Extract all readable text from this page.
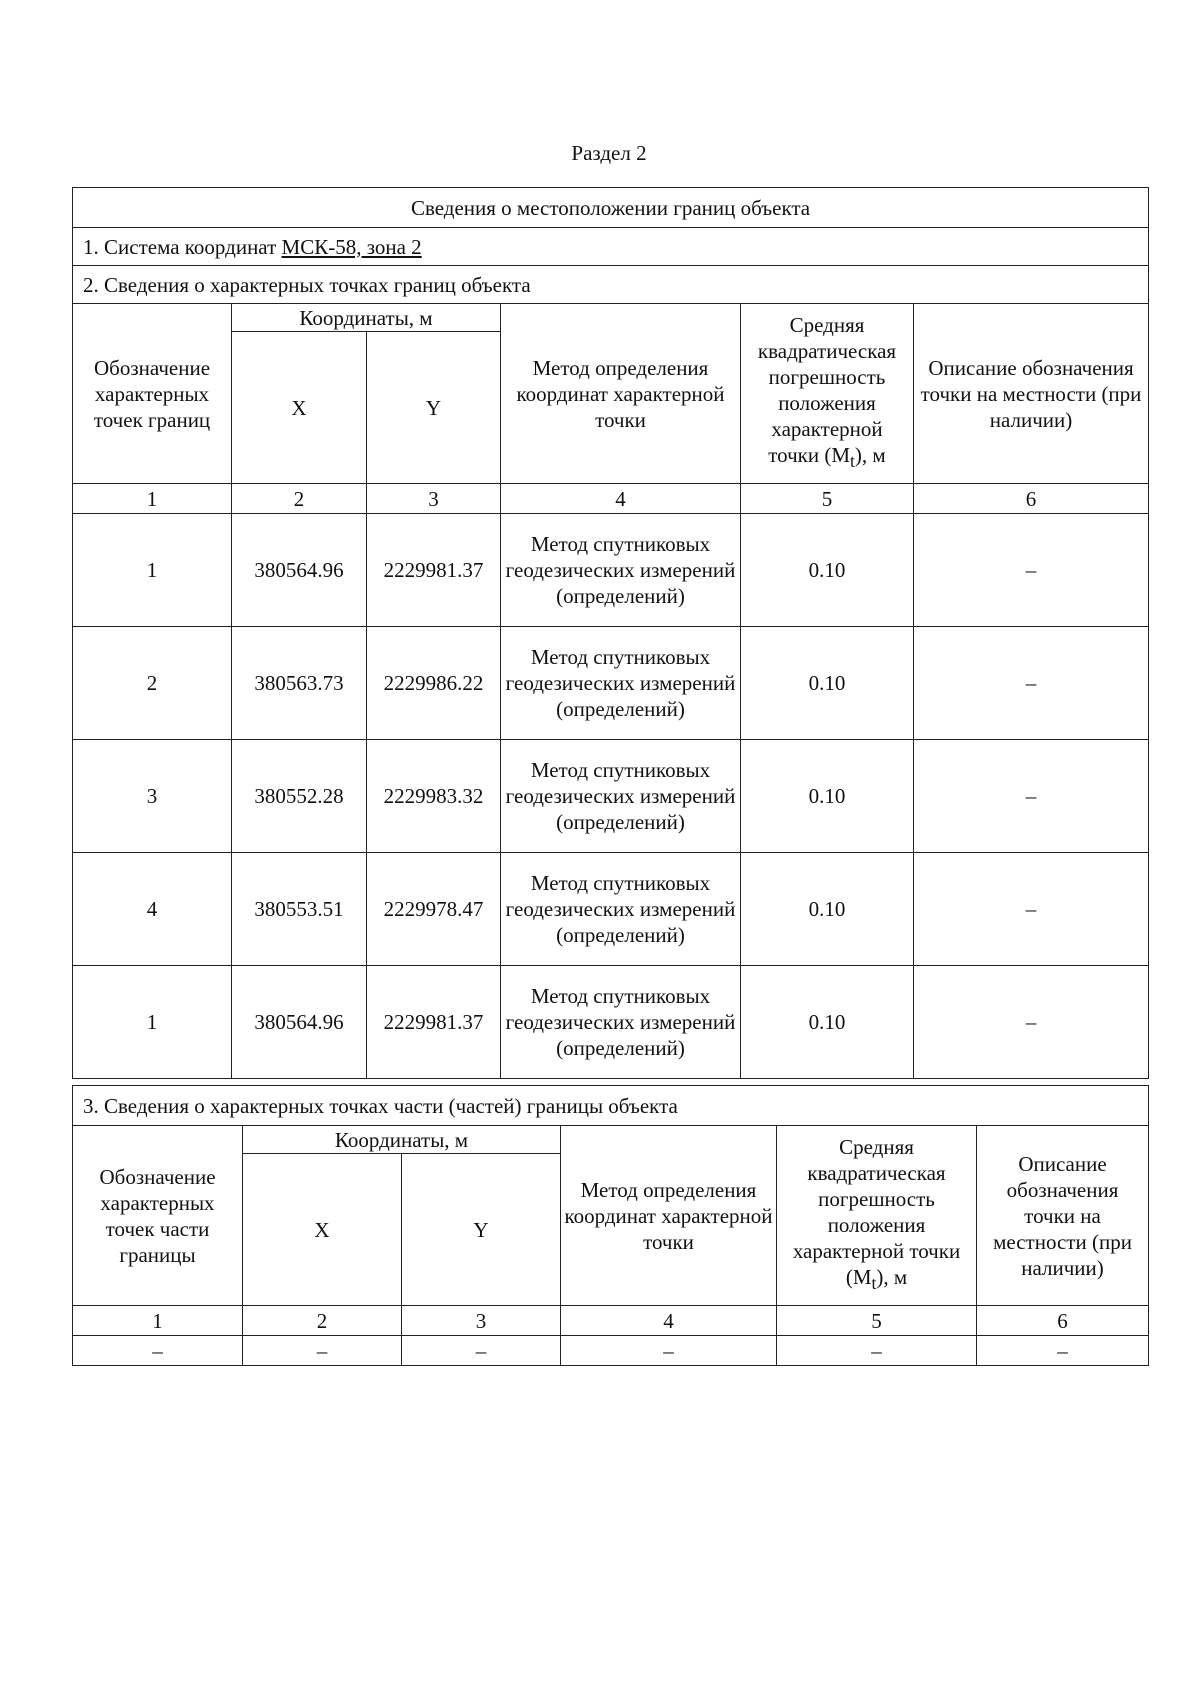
Раздел 2
Сведения о местоположении границ объекта					
1. Система координат МСК-58, зона 2					
2. Сведения о характерных точках границ объекта					
Обозначение характерных точек границ	Координаты, м		Метод определения координат характерной точки	Средняя квадратическая погрешность положения характерной точки $(M_t)$, м	Описание обозначения точки на местности (при наличии)
	X	Y			
1	2	3	4	5	6
1	380564.96	2229981.37	Метод спутниковых геодезических измерений (определений)	0.10	–
2	380563.73	2229986.22	Метод спутниковых геодезических измерений (определений)	0.10	–
3	380552.28	2229983.32	Метод спутниковых геодезических измерений (определений)	0.10	–
4	380553.51	2229978.47	Метод спутниковых геодезических измерений (определений)	0.10	–
1	380564.96	2229981.37	Метод спутниковых геодезических измерений (определений)	0.10	–
3. Сведения о характерных точках части (частей) границы объекта					
Обозначение характерных точек части границы	Координаты, м		Метод определения координат характерной точки	Средняя квадратическая погрешность положения характерной точки $(M_t)$, м	Описание обозначения точки на местности (при наличии)
	X	Y			
1	2	3	4	5	6
–	–	–	–	–	–
